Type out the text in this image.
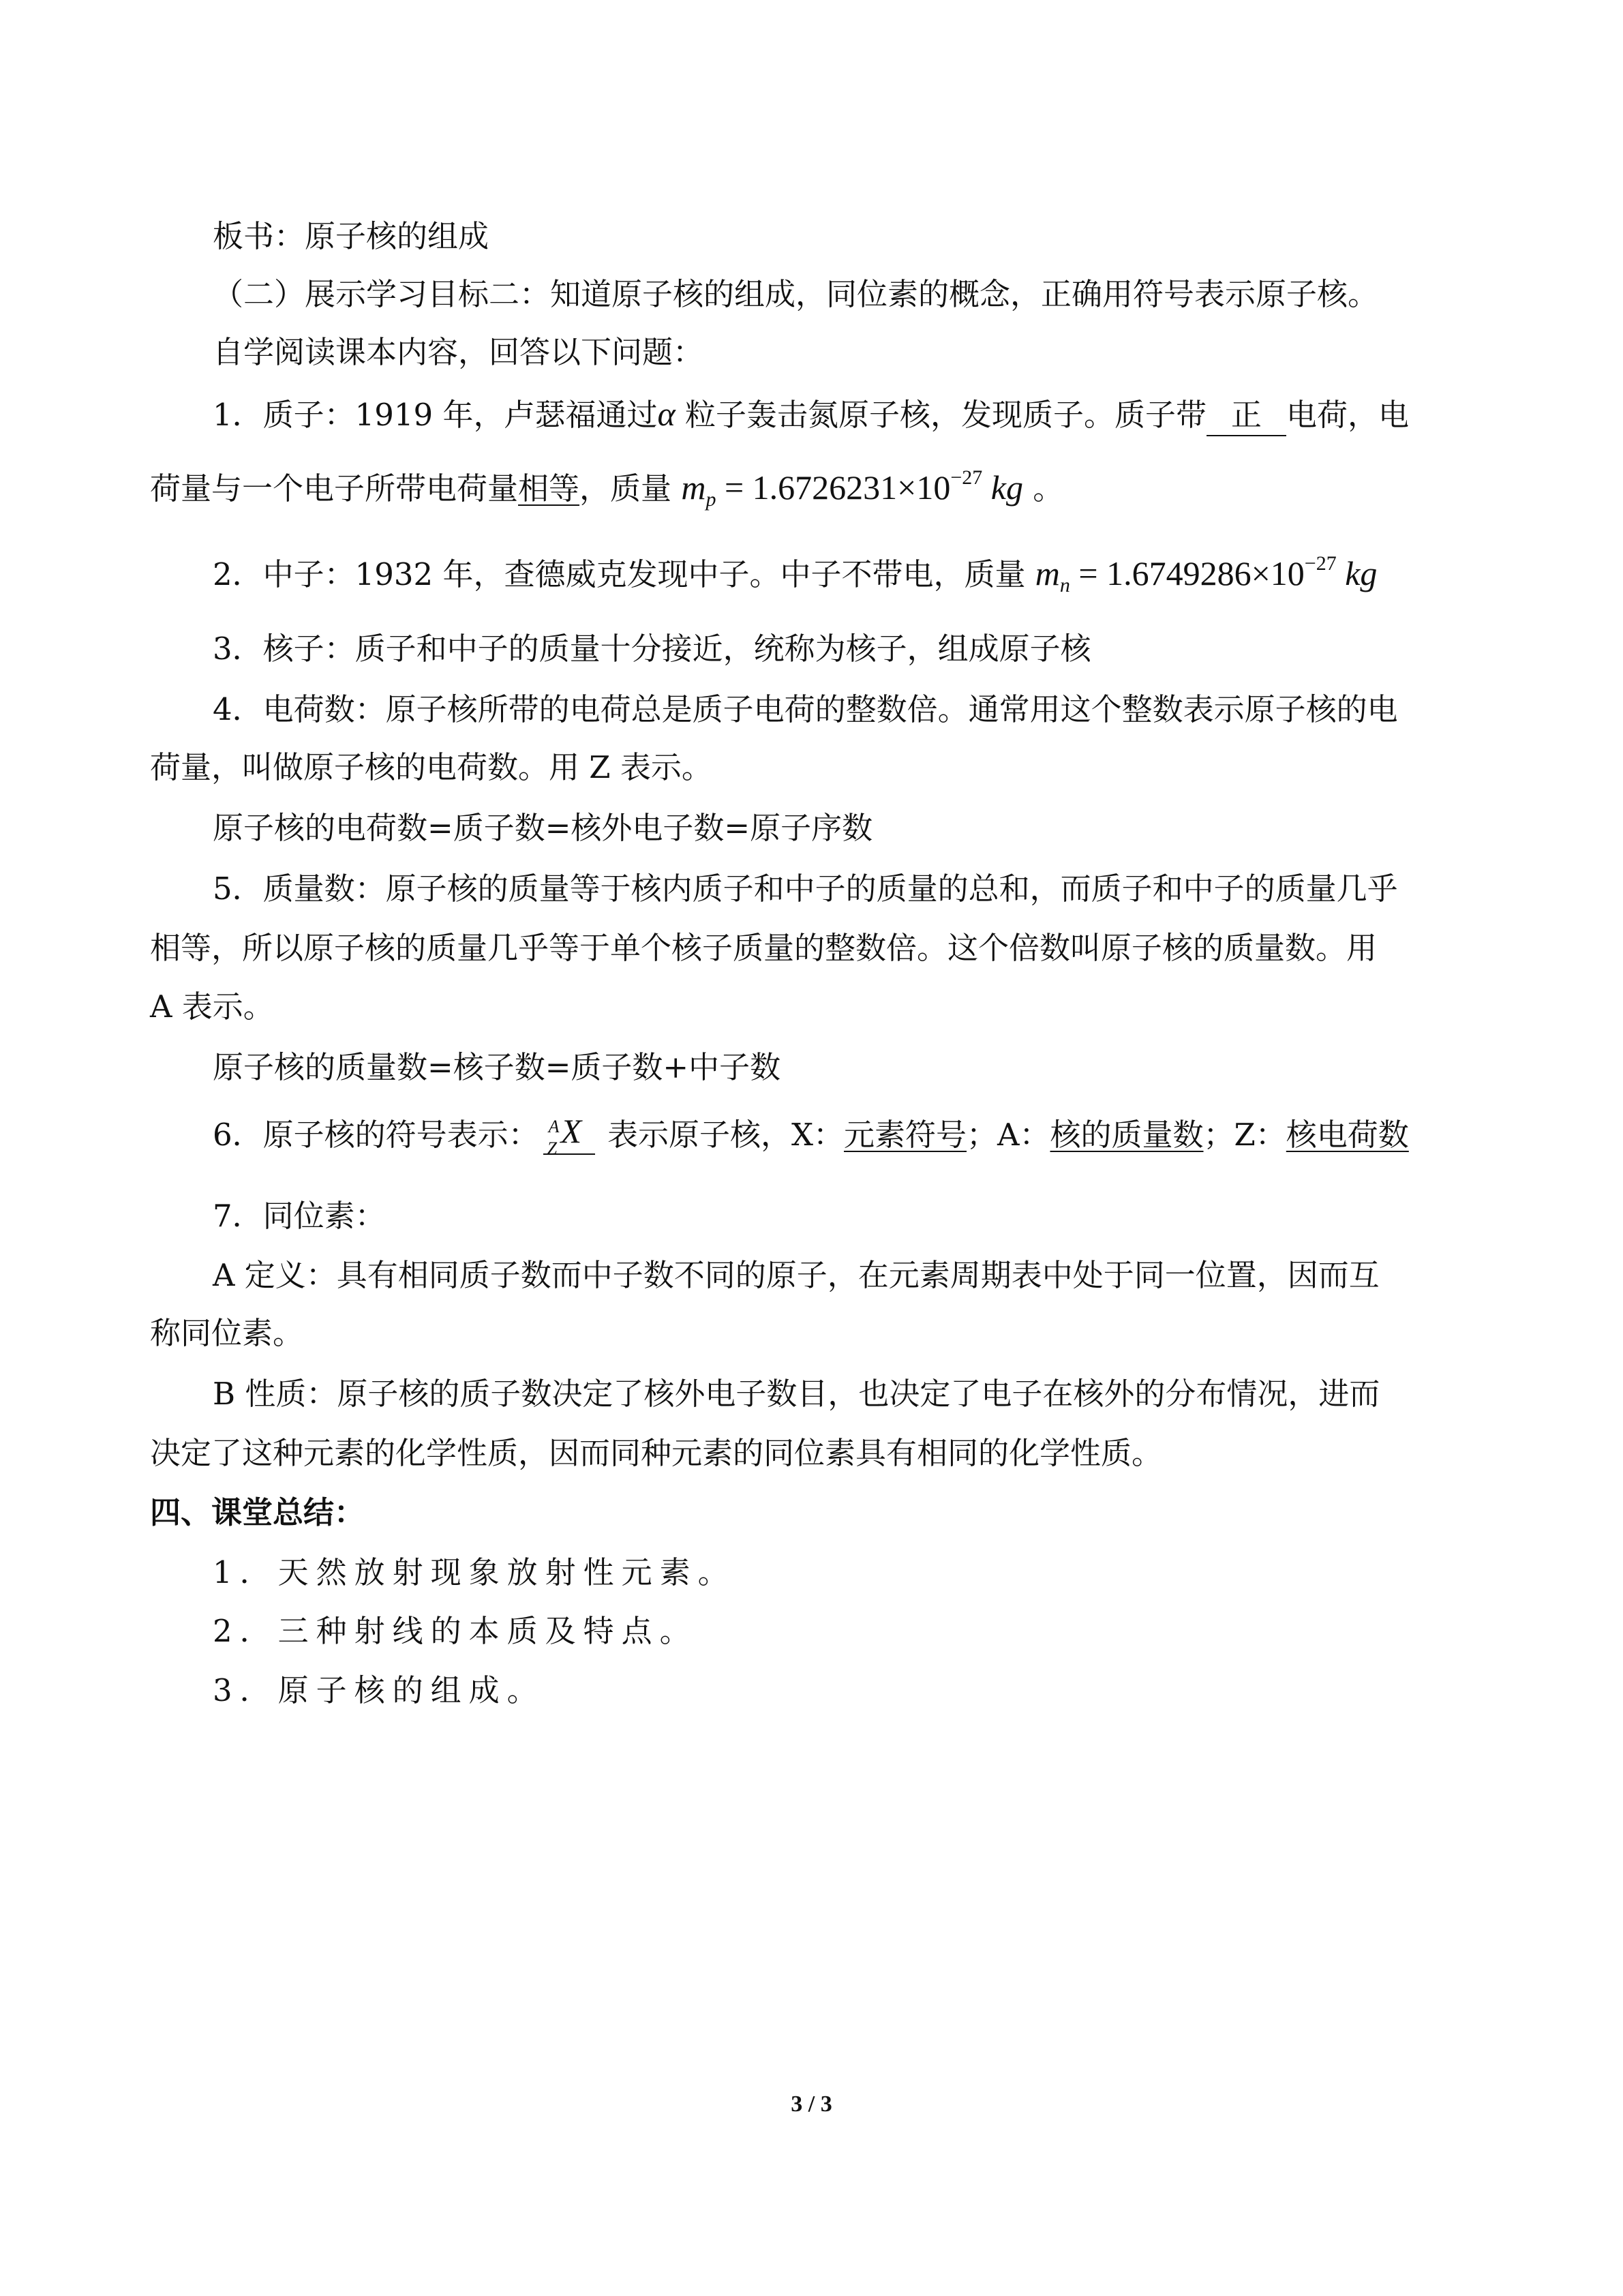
板书：原子核的组成
（二）展示学习目标二：知道原子核的组成，同位素的概念，正确用符号表示原子核。
自学阅读课本内容，回答以下问题：
1．质子：1919 年，卢瑟福通过α 粒子轰击氮原子核，发现质子。质子带 正 电荷，电
荷量与一个电子所带电荷量相等，质量 $m_p = 1.6726231\times 10^{-27}$ kg 。
2．中子：1932 年，查德威克发现中子。中子不带电，质量 $m_n = 1.6749286\times 10^{-27}$ kg
3．核子：质子和中子的质量十分接近，统称为核子，组成原子核
4．电荷数：原子核所带的电荷总是质子电荷的整数倍。通常用这个整数表示原子核的电
荷量，叫做原子核的电荷数。用 Z 表示。
原子核的电荷数=质子数=核外电子数=原子序数
5．质量数：原子核的质量等于核内质子和中子的质量的总和，而质子和中子的质量几乎
相等，所以原子核的质量几乎等于单个核子质量的整数倍。这个倍数叫原子核的质量数。用
A 表示。
原子核的质量数=核子数=质子数+中子数
6．原子核的符号表示： A
Z X 表示原子核，X：元素符号；A：核的质量数；Z：核电荷数
7．同位素：
A 定义：具有相同质子数而中子数不同的原子，在元素周期表中处于同一位置，因而互
称同位素。
B 性质：原子核的质子数决定了核外电子数目，也决定了电子在核外的分布情况，进而
决定了这种元素的化学性质，因而同种元素的同位素具有相同的化学性质。
四、课堂总结：
1．天然放射现象放射性元素。
2．三种射线的本质及特点。
3．原子核的组成。
3 / 3
